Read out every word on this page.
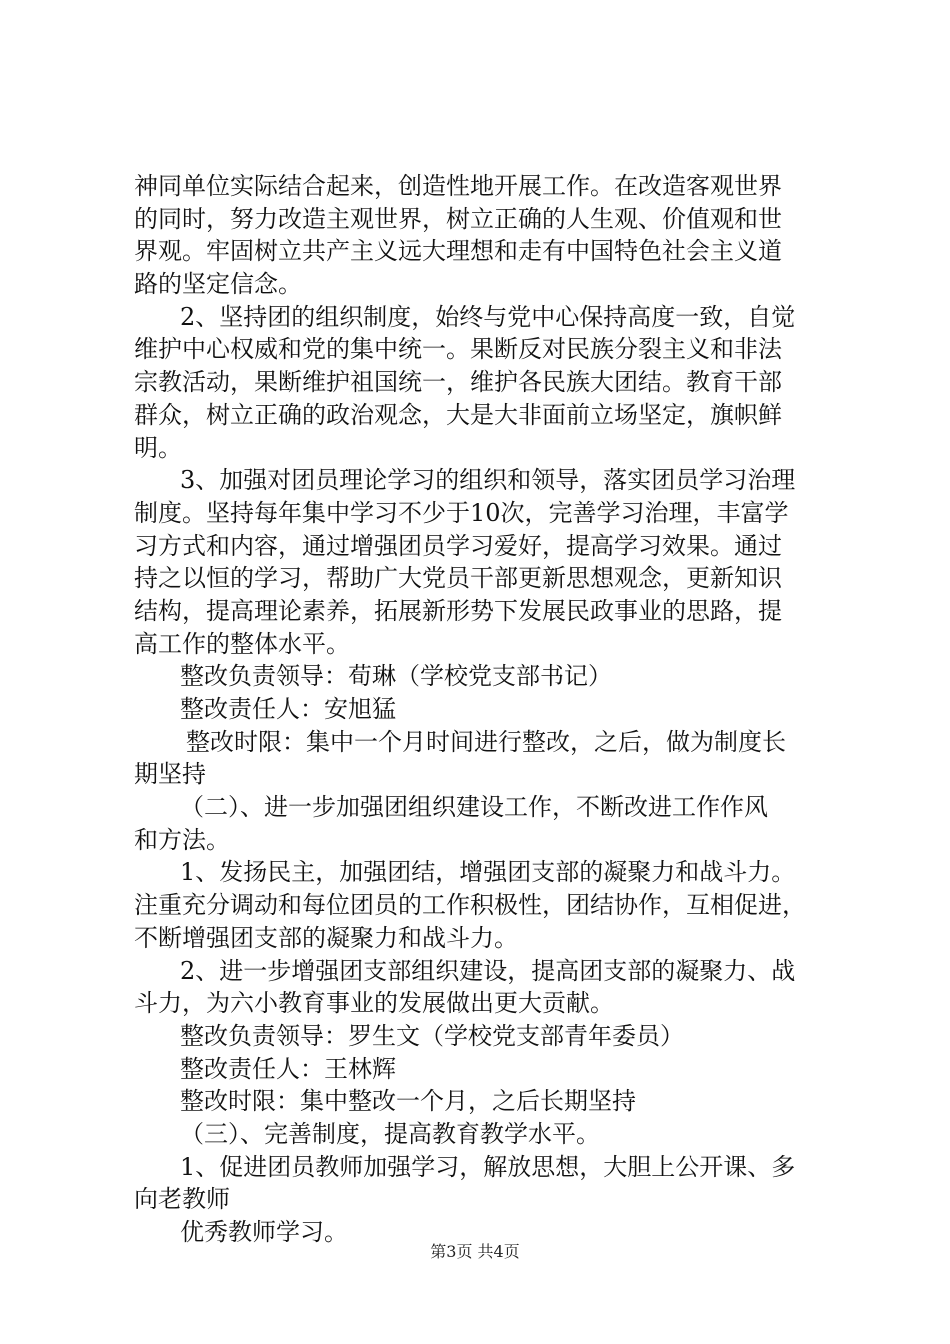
神同单位实际结合起来，创造性地开展工作。在改造客观世界
的同时，努力改造主观世界，树立正确的人生观、价值观和世
界观。牢固树立共产主义远大理想和走有中国特色社会主义道
路的坚定信念。
2、坚持团的组织制度，始终与党中心保持高度一致，自觉
维护中心权威和党的集中统一。果断反对民族分裂主义和非法
宗教活动，果断维护祖国统一，维护各民族大团结。教育干部
群众，树立正确的政治观念，大是大非面前立场坚定，旗帜鲜
明。
3、加强对团员理论学习的组织和领导，落实团员学习治理
制度。坚持每年集中学习不少于10次，完善学习治理，丰富学
习方式和内容，通过增强团员学习爱好，提高学习效果。通过
持之以恒的学习，帮助广大党员干部更新思想观念，更新知识
结构，提高理论素养，拓展新形势下发展民政事业的思路，提
高工作的整体水平。
整改负责领导：荀琳（学校党支部书记）
整改责任人：安旭猛
整改时限：集中一个月时间进行整改，之后，做为制度长
期坚持
（二）、进一步加强团组织建设工作，不断改进工作作风
和方法。
1、发扬民主，加强团结，增强团支部的凝聚力和战斗力。
注重充分调动和每位团员的工作积极性，团结协作，互相促进，
不断增强团支部的凝聚力和战斗力。
2、进一步增强团支部组织建设，提高团支部的凝聚力、战
斗力，为六小教育事业的发展做出更大贡献。
整改负责领导：罗生文（学校党支部青年委员）
整改责任人：王林辉
整改时限：集中整改一个月，之后长期坚持
（三）、完善制度，提高教育教学水平。
1、促进团员教师加强学习，解放思想，大胆上公开课、多
向老教师
优秀教师学习。
第3页 共4页
